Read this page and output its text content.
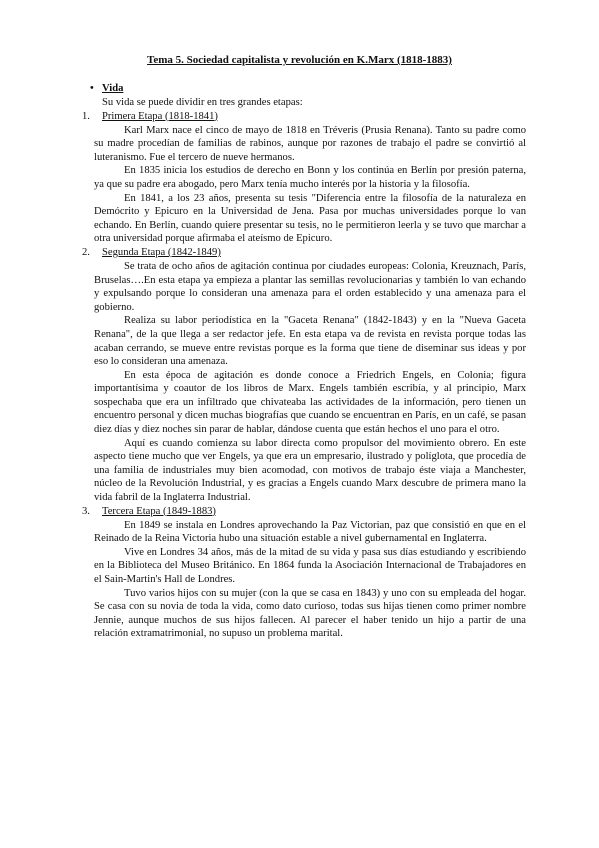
Tema 5. Sociedad capitalista y revolución en K.Marx (1818-1883)
• Vida
Su vida se puede dividir en tres grandes etapas:
1. Primera Etapa (1818-1841)

Karl Marx nace el cinco de mayo de 1818 en Tréveris (Prusia Renana). Tanto su padre como su madre procedían de familias de rabinos, aunque por razones de trabajo el padre se convirtió al luteranismo. Fue el tercero de nueve hermanos.

En 1835 inicia los estudios de derecho en Bonn y los continúa en Berlín por presión paterna, ya que su padre era abogado, pero Marx tenía mucho interés por la historia y la filosofía.

En 1841, a los 23 años, presenta su tesis "Diferencia entre la filosofía de la naturaleza en Demócrito y Epicuro en la Universidad de Jena. Pasa por muchas universidades porque lo van echando. En Berlín, cuando quiere presentar su tesis, no le permitieron leerla y se tuvo que marchar a otra universidad porque afirmaba el ateísmo de Epicuro.

2. Segunda Etapa (1842-1849)

Se trata de ocho años de agitación continua por ciudades europeas: Colonia, Kreuznach, París, Bruselas….En esta etapa ya empieza a plantar las semillas revolucionarias y también lo van echando y expulsando porque lo consideran una amenaza para el orden establecido y una amenaza para el gobierno.

Realiza su labor periodística en la "Gaceta Renana" (1842-1843) y en la "Nueva Gaceta Renana", de la que llega a ser redactor jefe. En esta etapa va de revista en revista porque todas las acaban cerrando, se mueve entre revistas porque es la forma que tiene de diseminar sus ideas y por eso lo consideran una amenaza.

En esta época de agitación es donde conoce a Friedrich Engels, en Colonia; figura importantísima y coautor de los libros de Marx. Engels también escribía, y al principio, Marx sospechaba que era un infiltrado que chivateaba las actividades de la información, pero tienen un encuentro personal y dicen muchas biografías que cuando se encuentran en París, en un café, se pasan diez días y diez noches sin parar de hablar, dándose cuenta que están hechos el uno para el otro.

Aquí es cuando comienza su labor directa como propulsor del movimiento obrero. En este aspecto tiene mucho que ver Engels, ya que era un empresario, ilustrado y políglota, que procedía de una familia de industriales muy bien acomodad, con motivos de trabajo éste viaja a Manchester, núcleo de la Revolución Industrial, y es gracias a Engels cuando Marx descubre de primera mano la vida fabril de la Inglaterra Industrial.

3. Tercera Etapa (1849-1883)

En 1849 se instala en Londres aprovechando la Paz Victorian, paz que consistió en que en el Reinado de la Reina Victoria hubo una situación estable a nivel gubernamental en Inglaterra.

Vive en Londres 34 años, más de la mitad de su vida y pasa sus días estudiando y escribiendo en la Biblioteca del Museo Británico. En 1864 funda la Asociación Internacional de Trabajadores en el Sain-Martin's Hall de Londres.

Tuvo varios hijos con su mujer (con la que se casa en 1843) y uno con su empleada del hogar. Se casa con su novia de toda la vida, como dato curioso, todas sus hijas tienen como primer nombre Jennie, aunque muchos de sus hijos fallecen. Al parecer el haber tenido un hijo a partir de una relación extramatrimonial, no supuso un problema marital.
